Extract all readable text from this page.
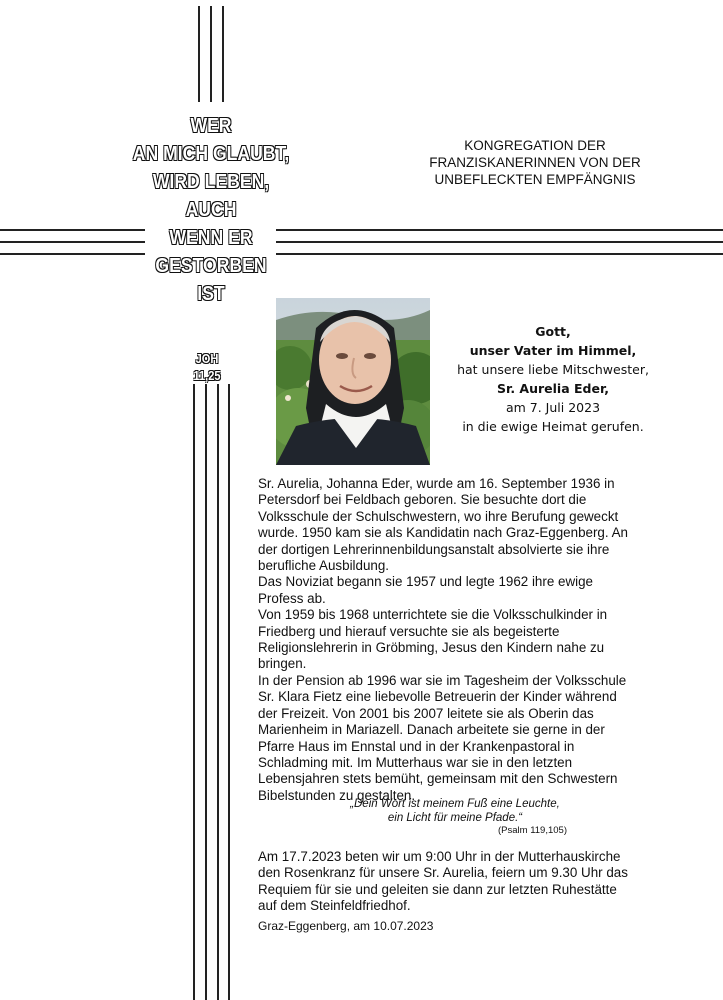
WER
AN MICH GLAUBT,
WIRD LEBEN,
AUCH
WENN ER
GESTORBEN
IST
JOH
11,25
KONGREGATION DER
FRANZISKANERINNEN VON DER
UNBEFLECKTEN EMPFÄNGNIS
Gott,
unser Vater im Himmel,
hat unsere liebe Mitschwester,
Sr. Aurelia Eder,
am 7. Juli 2023
in die ewige Heimat gerufen.

Sr. Aurelia, Johanna Eder, wurde am 16. September 1936 in Petersdorf bei Feldbach geboren. Sie besuchte dort die Volksschule der Schulschwestern, wo ihre Berufung geweckt wurde. 1950 kam sie als Kandidatin nach Graz-Eggenberg. An der dortigen Lehrerinnenbildungsanstalt absolvierte sie ihre berufliche Ausbildung.

Das Noviziat begann sie 1957 und legte 1962 ihre ewige Profess ab.

Von 1959 bis 1968 unterrichtete sie die Volksschulkinder in Friedberg und hierauf versuchte sie als begeisterte Religionslehrerin in Gröbming, Jesus den Kindern nahe zu bringen.

In der Pension ab 1996 war sie im Tagesheim der Volksschule Sr. Klara Fietz eine liebevolle Betreuerin der Kinder während der Freizeit. Von 2001 bis 2007 leitete sie als Oberin das Marienheim in Mariazell. Danach arbeitete sie gerne in der Pfarre Haus im Ennstal und in der Krankenpastoral in Schladming mit. Im Mutterhaus war sie in den letzten Lebensjahren stets bemüht, gemeinsam mit den Schwestern Bibelstunden zu gestalten.

„Dein Wort ist meinem Fuß eine Leuchte,
ein Licht für meine Pfade.“
(Psalm 119,105)
Am 17.7.2023 beten wir um 9:00 Uhr in der Mutterhauskirche den Rosenkranz für unsere Sr. Aurelia, feiern um 9.30 Uhr das Requiem für sie und geleiten sie dann zur letzten Ruhestätte auf dem Steinfeldfriedhof.
Graz-Eggenberg, am 10.07.2023
